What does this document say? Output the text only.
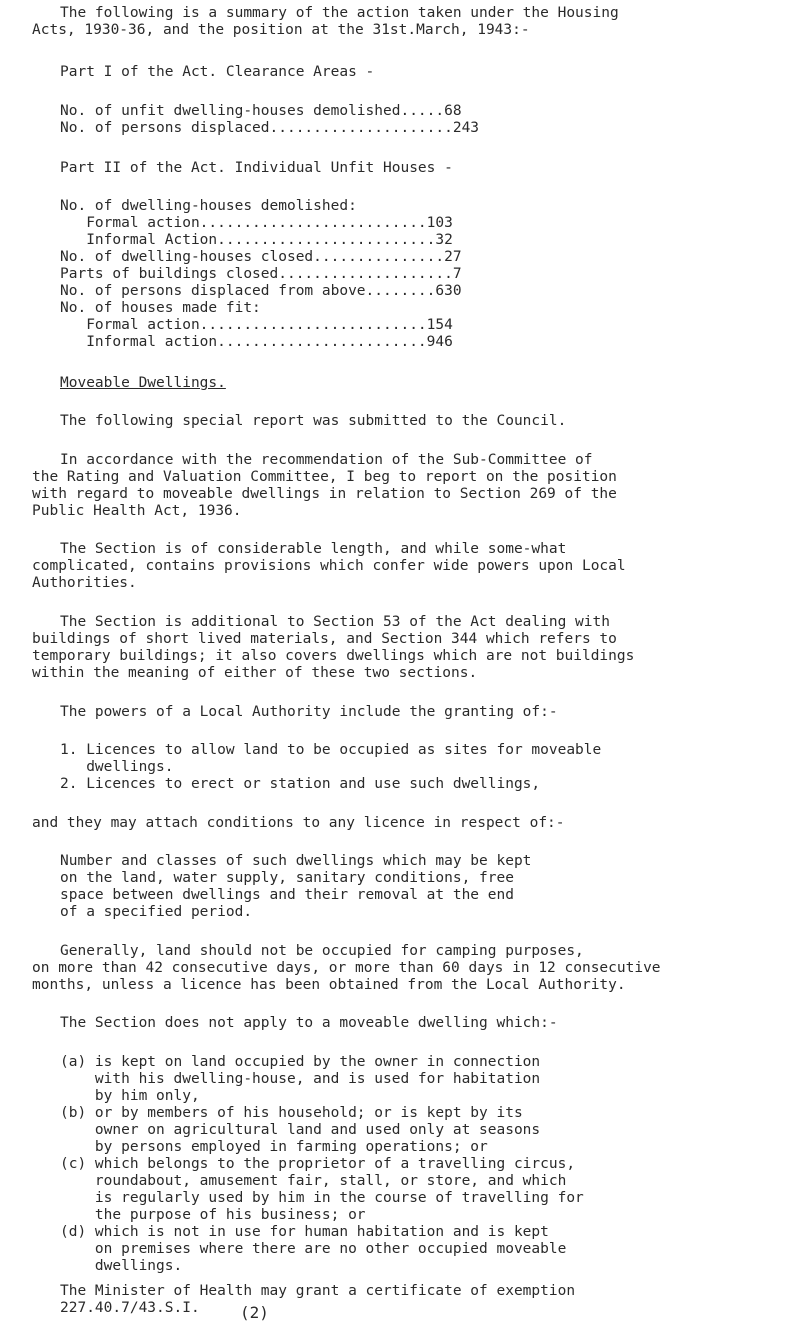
The following is a summary of the action taken under the Housing
Acts, 1930-36, and the position at the 31st.March, 1943:-
Part I of the Act. Clearance Areas -
No. of unfit dwelling-houses demolished.....68
No. of persons displaced.....................243
Part II of the Act. Individual Unfit Houses -
No. of dwelling-houses demolished:
Formal action..........................103
Informal Action.........................32
No. of dwelling-houses closed...............27
Parts of buildings closed....................7
No. of persons displaced from above........630
No. of houses made fit:
Formal action..........................154
Informal action........................946
Moveable Dwellings.
The following special report was submitted to the Council.
In accordance with the recommendation of the Sub-Committee of
the Rating and Valuation Committee, I beg to report on the position
with regard to moveable dwellings in relation to Section 269 of the
Public Health Act, 1936.
The Section is of considerable length, and while some-what
complicated, contains provisions which confer wide powers upon Local
Authorities.
The Section is additional to Section 53 of the Act dealing with
buildings of short lived materials, and Section 344 which refers to
temporary buildings; it also covers dwellings which are not buildings
within the meaning of either of these two sections.
The powers of a Local Authority include the granting of:-
1. Licences to allow land to be occupied as sites for moveable
dwellings.
2. Licences to erect or station and use such dwellings,
and they may attach conditions to any licence in respect of:-
Number and classes of such dwellings which may be kept
on the land, water supply, sanitary conditions, free
space between dwellings and their removal at the end
of a specified period.
Generally, land should not be occupied for camping purposes,
on more than 42 consecutive days, or more than 60 days in 12 consecutive
months, unless a licence has been obtained from the Local Authority.
The Section does not apply to a moveable dwelling which:-
(a) is kept on land occupied by the owner in connection
with his dwelling-house, and is used for habitation
by him only,
(b) or by members of his household; or is kept by its
owner on agricultural land and used only at seasons
by persons employed in farming operations; or
(c) which belongs to the proprietor of a travelling circus,
roundabout, amusement fair, stall, or store, and which
is regularly used by him in the course of travelling for
the purpose of his business; or
(d) which is not in use for human habitation and is kept
on premises where there are no other occupied moveable
dwellings.
The Minister of Health may grant a certificate of exemption
227.40.7/43.S.I.	(2)
